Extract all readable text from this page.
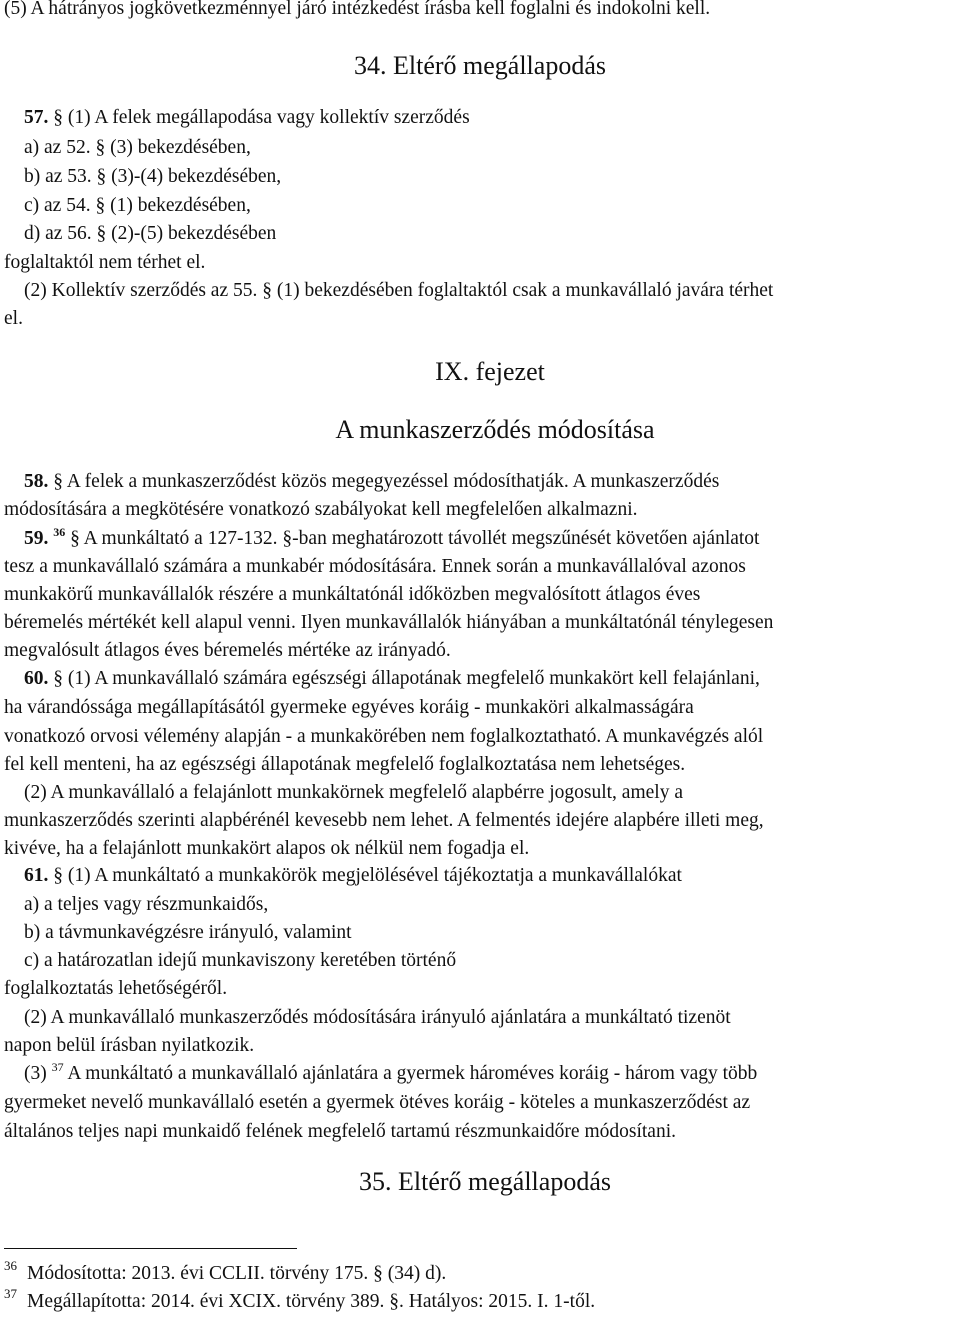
(5) A hátrányos jogkövetkezménnyel járó intézkedést írásba kell foglalni és indokolni kell.
34. Eltérő megállapodás
57. § (1) A felek megállapodása vagy kollektív szerződés
a) az 52. § (3) bekezdésében,
b) az 53. § (3)-(4) bekezdésében,
c) az 54. § (1) bekezdésében,
d) az 56. § (2)-(5) bekezdésében
foglaltaktól nem térhet el.
(2) Kollektív szerződés az 55. § (1) bekezdésében foglaltaktól csak a munkavállaló javára térhet
el.
IX. fejezet
A munkaszerződés módosítása
58. § A felek a munkaszerződést közös megegyezéssel módosíthatják. A munkaszerződés
módosítására a megkötésére vonatkozó szabályokat kell megfelelően alkalmazni.
59. $^{36}$ § A munkáltató a 127-132. §-ban meghatározott távollét megszűnését követően ajánlatot
tesz a munkavállaló számára a munkabér módosítására. Ennek során a munkavállalóval azonos
munkakörű munkavállalók részére a munkáltatónál időközben megvalósított átlagos éves
béremelés mértékét kell alapul venni. Ilyen munkavállalók hiányában a munkáltatónál ténylegesen
megvalósult átlagos éves béremelés mértéke az irányadó.
60. § (1) A munkavállaló számára egészségi állapotának megfelelő munkakört kell felajánlani,
ha várandóssága megállapításától gyermeke egyéves koráig - munkaköri alkalmasságára
vonatkozó orvosi vélemény alapján - a munkakörében nem foglalkoztatható. A munkavégzés alól
fel kell menteni, ha az egészségi állapotának megfelelő foglalkoztatása nem lehetséges.
(2) A munkavállaló a felajánlott munkakörnek megfelelő alapbérre jogosult, amely a
munkaszerződés szerinti alapbérénél kevesebb nem lehet. A felmentés idejére alapbére illeti meg,
kivéve, ha a felajánlott munkakört alapos ok nélkül nem fogadja el.
61. § (1) A munkáltató a munkakörök megjelölésével tájékoztatja a munkavállalókat
a) a teljes vagy részmunkaidős,
b) a távmunkavégzésre irányuló, valamint
c) a határozatlan idejű munkaviszony keretében történő
foglalkoztatás lehetőségéről.
(2) A munkavállaló munkaszerződés módosítására irányuló ajánlatára a munkáltató tizenöt
napon belül írásban nyilatkozik.
(3) $^{37}$ A munkáltató a munkavállaló ajánlatára a gyermek hároméves koráig - három vagy több
gyermeket nevelő munkavállaló esetén a gyermek ötéves koráig - köteles a munkaszerződést az
általános teljes napi munkaidő felének megfelelő tartamú részmunkaidőre módosítani.
35. Eltérő megállapodás
$^{36}$ Módosította: 2013. évi CCLII. törvény 175. § (34) d).
$^{37}$ Megállapította: 2014. évi XCIX. törvény 389. §. Hatályos: 2015. I. 1-től.
